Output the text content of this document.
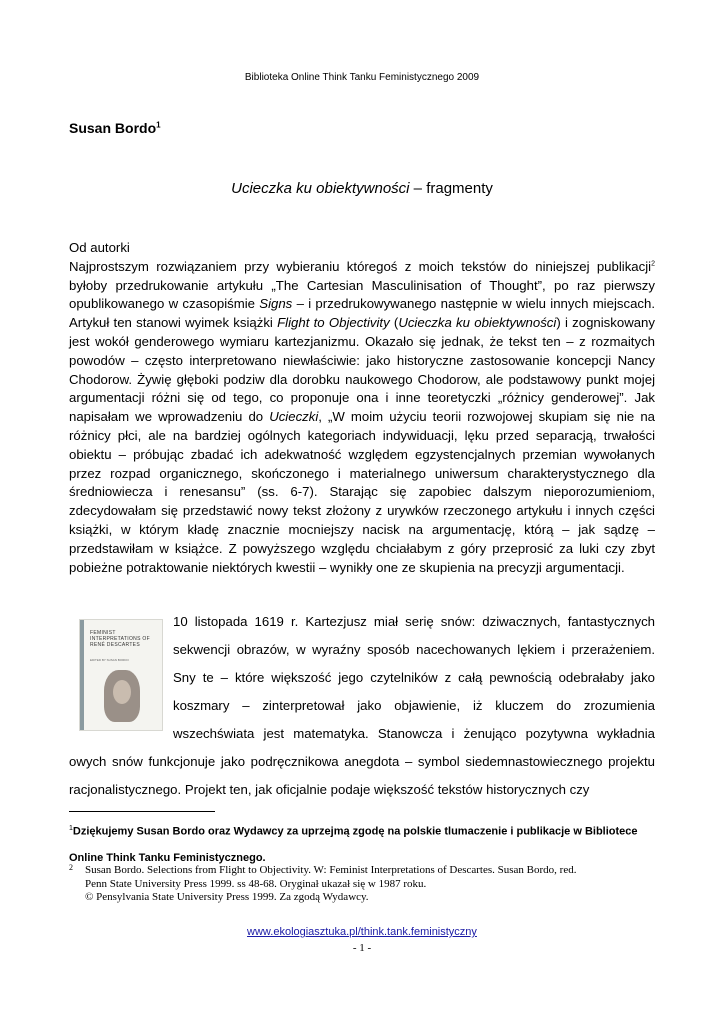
Biblioteka Online Think Tanku Feministycznego 2009
Susan Bordo$^1$
Ucieczka ku obiektywności – fragmenty

Od autorki

Najprostszym rozwiązaniem przy wybieraniu któregoś z moich tekstów do niniejszej publikacji$^2$ byłoby przedrukowanie artykułu „The Cartesian Masculinisation of Thought”, po raz pierwszy opublikowanego w czasopiśmie Signs – i przedrukowywanego następnie w wielu innych miejscach. Artykuł ten stanowi wyimek książki Flight to Objectivity (Ucieczka ku obiektywności) i zogniskowany jest wokół genderowego wymiaru kartezjanizmu. Okazało się jednak, że tekst ten – z rozmaitych powodów – często interpretowano niewłaściwie: jako historyczne zastosowanie koncepcji Nancy Chodorow. Żywię głęboki podziw dla dorobku naukowego Chodorow, ale podstawowy punkt mojej argumentacji różni się od tego, co proponuje ona i inne teoretyczki „różnicy genderowej”. Jak napisałam we wprowadzeniu do Ucieczki, „W moim użyciu teorii rozwojowej skupiam się nie na różnicy płci, ale na bardziej ogólnych kategoriach indywiduacji, lęku przed separacją, trwałości obiektu – próbując zbadać ich adekwatność względem egzystencjalnych przemian wywołanych przez rozpad organicznego, skończonego i materialnego uniwersum charakterystycznego dla średniowiecza i renesansu” (ss. 6-7). Starając się zapobiec dalszym nieporozumieniom, zdecydowałam się przedstawić nowy tekst złożony z urywków rzeczonego artykułu i innych części książki, w którym kładę znacznie mocniejszy nacisk na argumentację, którą – jak sądzę – przedstawiłam w książce. Z powyższego względu chciałabym z góry przeprosić za luki czy zbyt pobieżne potraktowanie niektórych kwestii – wynikły one ze skupienia na precyzji argumentacji.

FEMINIST INTERPRETATIONS OF RENÉ DESCARTES
EDITED BY SUSAN BORDO

10 listopada 1619 r. Kartezjusz miał serię snów: dziwacznych, fantastycznych sekwencji obrazów, w wyraźny sposób nacechowanych lękiem i przerażeniem. Sny te – które większość jego czytelników z całą pewnością odebrałaby jako koszmary – zinterpretował jako objawienie, iż kluczem do zrozumienia wszechświata jest matematyka. Stanowcza i żenująco pozytywna wykładnia owych snów funkcjonuje jako podręcznikowa anegdota – symbol siedemnastowiecznego projektu racjonalistycznego. Projekt ten, jak oficjalnie podaje większość tekstów historycznych czy

$^1$Dziękujemy Susan Bordo oraz Wydawcy za uprzejmą zgodę na polskie tlumaczenie i publikacje w Bibliotece Online Think Tanku Feministycznego.
2 Susan Bordo. Selections from Flight to Objectivity. W: Feminist Interpretations of Descartes. Susan Bordo, red.
Penn State University Press 1999. ss 48-68. Oryginał ukazał się w 1987 roku.
© Pensylvania State University Press 1999. Za zgodą Wydawcy.
www.ekologiasztuka.pl/think.tank.feministyczny
- 1 -
